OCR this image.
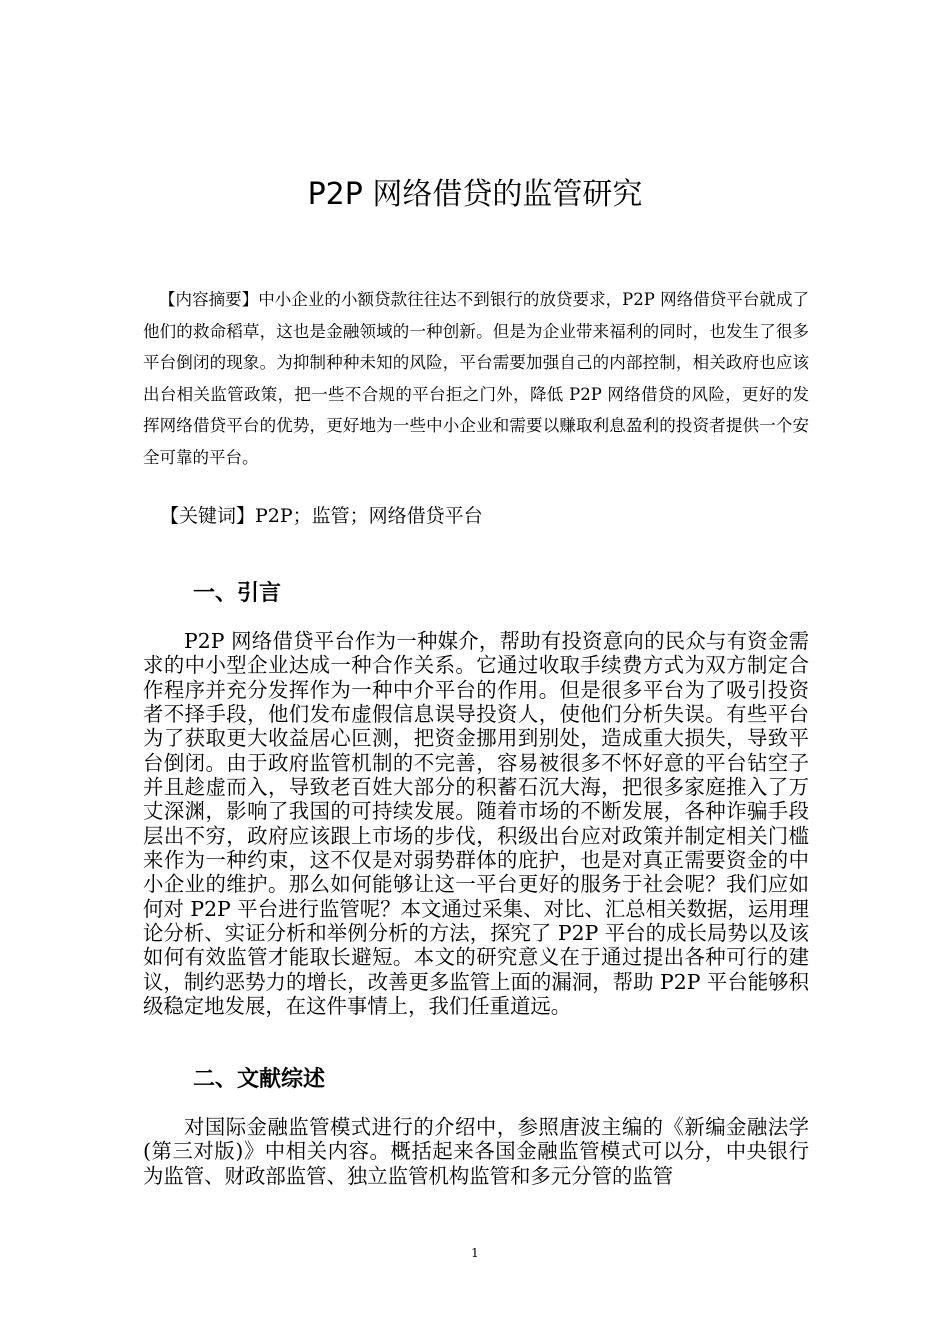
P2P 网络借贷的监管研究
【内容摘要】中小企业的小额贷款往往达不到银行的放贷要求，P2P 网络借贷平台就成了他们的救命稻草，这也是金融领域的一种创新。但是为企业带来福利的同时，也发生了很多平台倒闭的现象。为抑制种种未知的风险，平台需要加强自己的内部控制，相关政府也应该出台相关监管政策，把一些不合规的平台拒之门外，降低 P2P 网络借贷的风险，更好的发挥网络借贷平台的优势，更好地为一些中小企业和需要以赚取利息盈利的投资者提供一个安全可靠的平台。
【关键词】P2P；监管；网络借贷平台
一、引言
P2P 网络借贷平台作为一种媒介，帮助有投资意向的民众与有资金需求的中小型企业达成一种合作关系。它通过收取手续费方式为双方制定合作程序并充分发挥作为一种中介平台的作用。但是很多平台为了吸引投资者不择手段，他们发布虚假信息误导投资人，使他们分析失误。有些平台为了获取更大收益居心叵测，把资金挪用到别处，造成重大损失，导致平台倒闭。由于政府监管机制的不完善，容易被很多不怀好意的平台钻空子并且趁虚而入，导致老百姓大部分的积蓄石沉大海，把很多家庭推入了万丈深渊，影响了我国的可持续发展。随着市场的不断发展，各种诈骗手段层出不穷，政府应该跟上市场的步伐，积级出台应对政策并制定相关门槛来作为一种约束，这不仅是对弱势群体的庇护，也是对真正需要资金的中小企业的维护。那么如何能够让这一平台更好的服务于社会呢？我们应如何对 P2P 平台进行监管呢？本文通过采集、对比、汇总相关数据，运用理论分析、实证分析和举例分析的方法，探究了 P2P 平台的成长局势以及该如何有效监管才能取长避短。本文的研究意义在于通过提出各种可行的建议，制约恶势力的增长，改善更多监管上面的漏洞，帮助 P2P 平台能够积级稳定地发展，在这件事情上，我们任重道远。
二、文献综述
对国际金融监管模式进行的介绍中，参照唐波主编的《新编金融法学(第三对版)》中相关内容。概括起来各国金融监管模式可以分，中央银行为监管、财政部监管、独立监管机构监管和多元分管的监管
1
